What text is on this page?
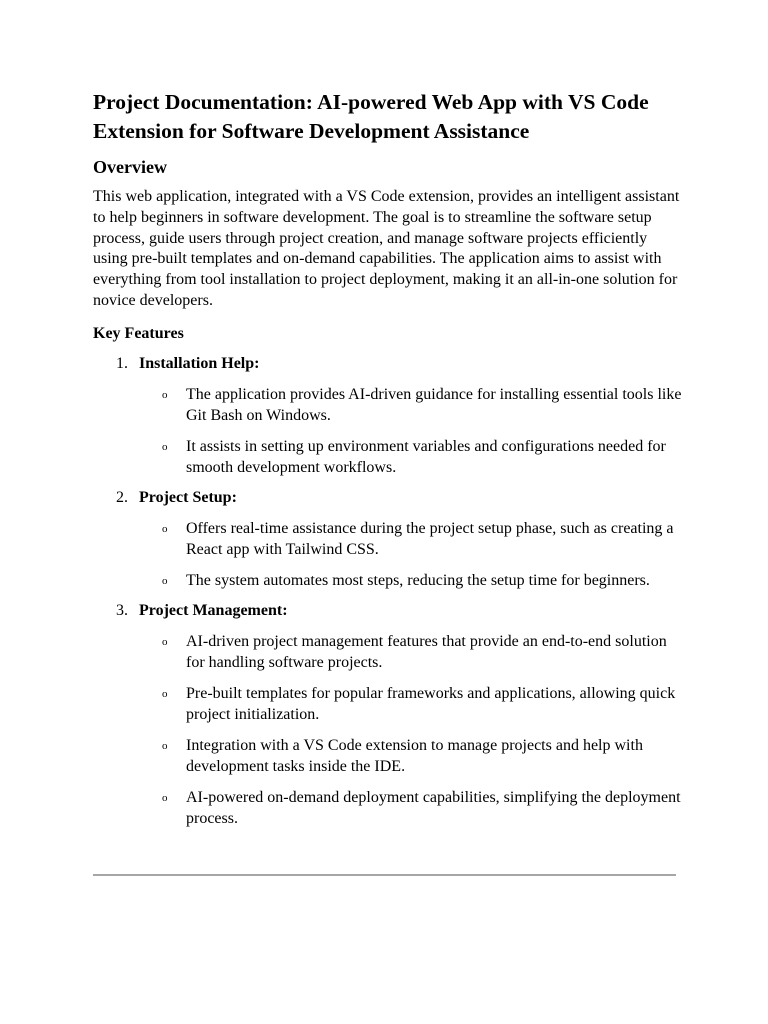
Project Documentation: AI-powered Web App with VS Code Extension for Software Development Assistance
Overview

This web application, integrated with a VS Code extension, provides an intelligent assistant to help beginners in software development. The goal is to streamline the software setup process, guide users through project creation, and manage software projects efficiently using pre-built templates and on-demand capabilities. The application aims to assist with everything from tool installation to project deployment, making it an all-in-one solution for novice developers.

Key Features
1. Installation Help:
o The application provides AI-driven guidance for installing essential tools like Git Bash on Windows.
o It assists in setting up environment variables and configurations needed for smooth development workflows.
2. Project Setup:
o Offers real-time assistance during the project setup phase, such as creating a React app with Tailwind CSS.
o The system automates most steps, reducing the setup time for beginners.
3. Project Management:
o AI-driven project management features that provide an end-to-end solution for handling software projects.
o Pre-built templates for popular frameworks and applications, allowing quick project initialization.
o Integration with a VS Code extension to manage projects and help with development tasks inside the IDE.
o AI-powered on-demand deployment capabilities, simplifying the deployment process.
